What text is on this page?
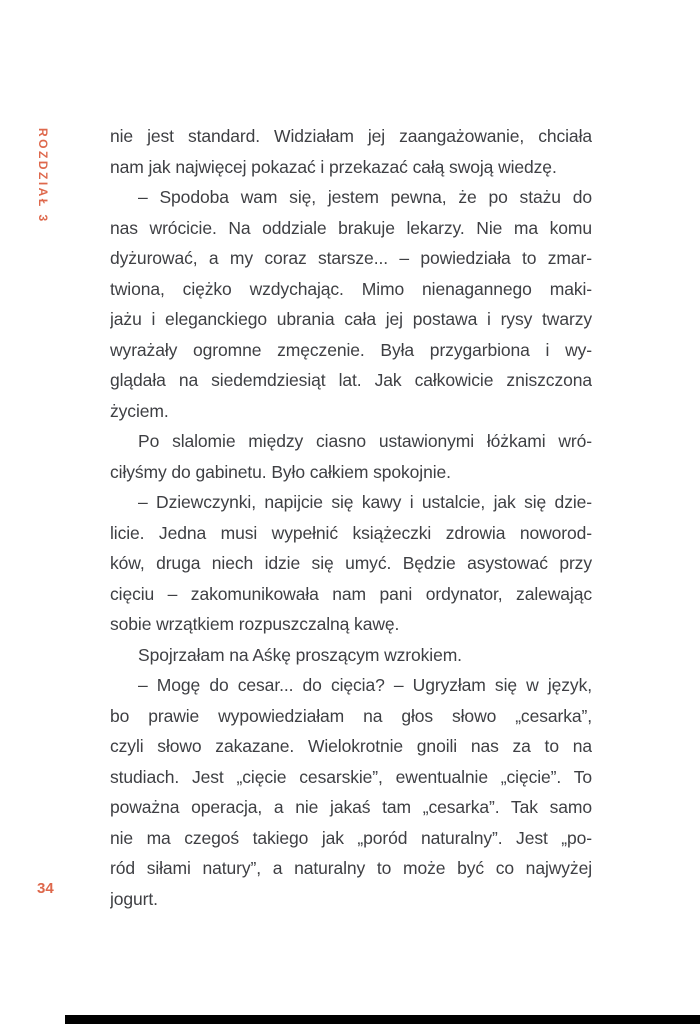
ROZDZIAŁ 3	nie jest standard. Widziałam jej zaangażowanie, chciała
nam jak najwięcej pokazać i przekazać całą swoją wiedzę.
– Spodoba wam się, jestem pewna, że po stażu do
nas wrócicie. Na oddziale brakuje lekarzy. Nie ma komu
dyżurować, a my coraz starsze... – powiedziała to zmar-
twiona, ciężko wzdychając. Mimo nienagannego maki-
jażu i eleganckiego ubrania cała jej postawa i rysy twarzy
wyrażały ogromne zmęczenie. Była przygarbiona i wy-
glądała na siedemdziesiąt lat. Jak całkowicie zniszczona
życiem.
Po slalomie między ciasno ustawionymi łóżkami wró-
ciłyśmy do gabinetu. Było całkiem spokojnie.
– Dziewczynki, napijcie się kawy i ustalcie, jak się dzie-
licie. Jedna musi wypełnić książeczki zdrowia noworod-
ków, druga niech idzie się umyć. Będzie asystować przy
cięciu – zakomunikowała nam pani ordynator, zalewając
sobie wrzątkiem rozpuszczalną kawę.
Spojrzałam na Aśkę proszącym wzrokiem.
– Mogę do cesar... do cięcia? – Ugryzłam się w język,
bo prawie wypowiedziałam na głos słowo „cesarka”,
czyli słowo zakazane. Wielokrotnie gnoili nas za to na
studiach. Jest „cięcie cesarskie”, ewentualnie „cięcie”. To
poważna operacja, a nie jakaś tam „cesarka”. Tak samo
nie ma czegoś takiego jak „poród naturalny”. Jest „po-
ród siłami natury”, a naturalny to może być co najwyżej
jogurt.
34
